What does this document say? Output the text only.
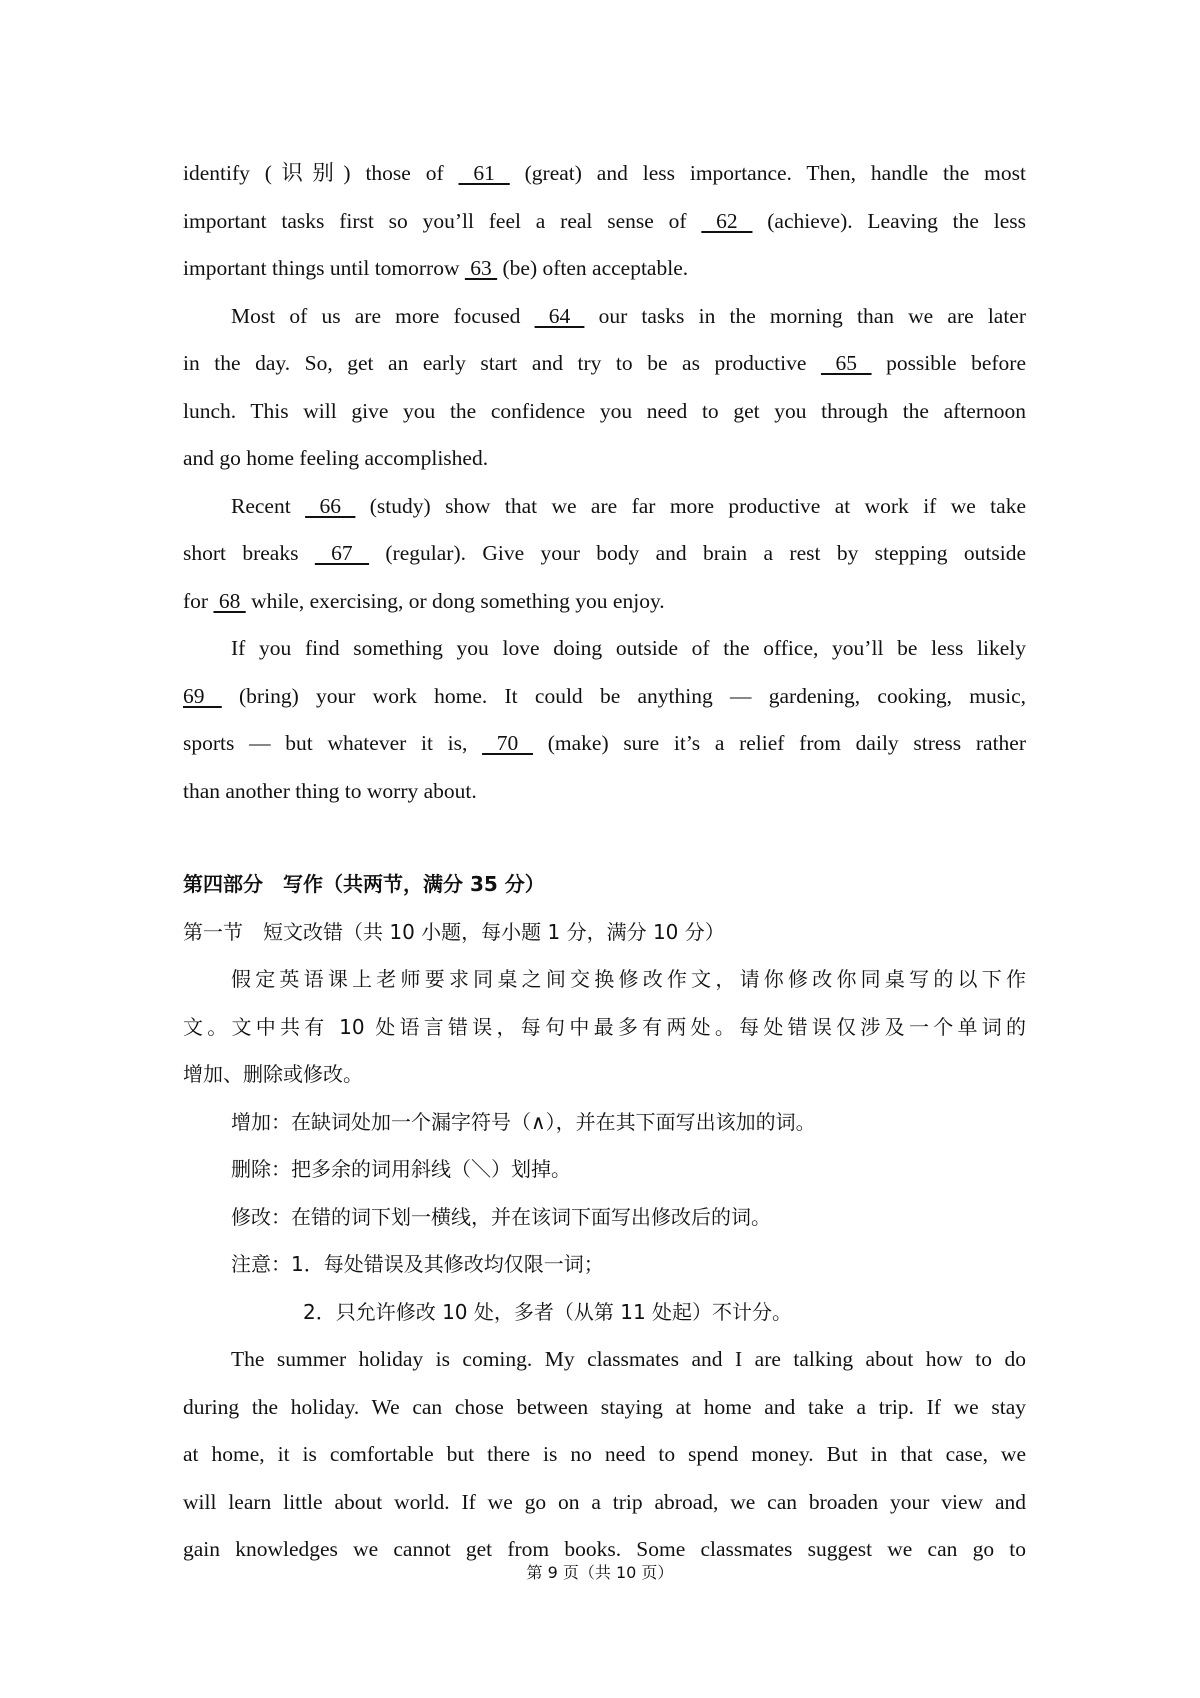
identify (识别) those of  61  (great) and less importance. Then, handle the most
important tasks first so you’ll feel a real sense of  62  (achieve). Leaving the less
important things until tomorrow  63  (be) often acceptable.
Most of us are more focused  64  our tasks in the morning than we are later
in the day. So, get an early start and try to be as productive  65  possible before
lunch. This will give you the confidence you need to get you through the afternoon
and go home feeling accomplished.
Recent  66  (study) show that we are far more productive at work if we take
short breaks  67  (regular). Give your body and brain a rest by stepping outside
for  68  while, exercising, or dong something you enjoy.
If you find something you love doing outside of the office, you’ll be less likely
69  (bring) your work home. It could be anything — gardening, cooking, music,
sports — but whatever it is,  70  (make) sure it’s a relief from daily stress rather
than another thing to worry about.
第四部分　写作（共两节，满分 35 分）
第一节　短文改错（共 10 小题，每小题 1 分，满分 10 分）
假定英语课上老师要求同桌之间交换修改作文，请你修改你同桌写的以下作
文。文中共有 10 处语言错误，每句中最多有两处。每处错误仅涉及一个单词的
增加、删除或修改。
增加：在缺词处加一个漏字符号（∧），并在其下面写出该加的词。
删除：把多余的词用斜线（＼）划掉。
修改：在错的词下划一横线，并在该词下面写出修改后的词。
注意：1．每处错误及其修改均仅限一词；
2．只允许修改 10 处，多者（从第 11 处起）不计分。
The summer holiday is coming. My classmates and I are talking about how to do
during the holiday. We can chose between staying at home and take a trip. If we stay
at home, it is comfortable but there is no need to spend money. But in that case, we
will learn little about world. If we go on a trip abroad, we can broaden your view and
gain knowledges we cannot get from books. Some classmates suggest we can go to
第 9 页（共 10 页）
